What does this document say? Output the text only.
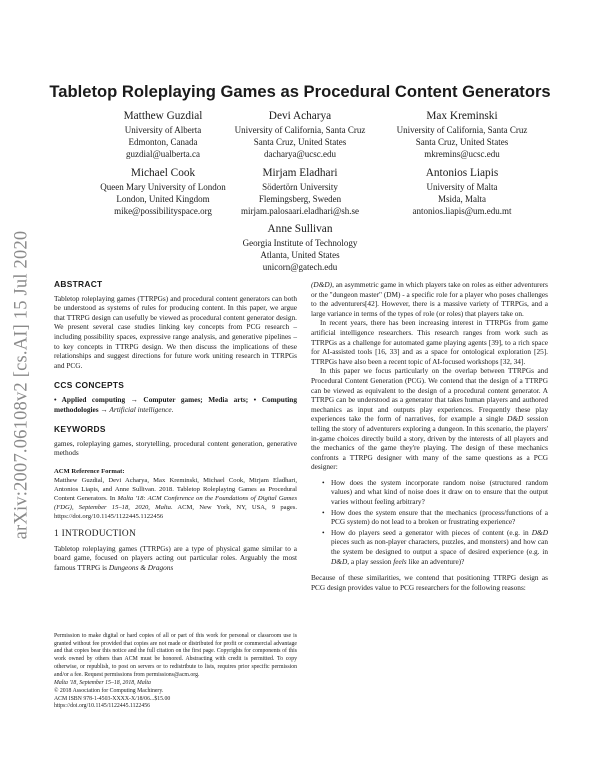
arXiv:2007.06108v2 [cs.AI] 15 Jul 2020
Tabletop Roleplaying Games as Procedural Content Generators
Matthew Guzdial
University of Alberta
Edmonton, Canada
guzdial@ualberta.ca
Devi Acharya
University of California, Santa Cruz
Santa Cruz, United States
dacharya@ucsc.edu
Max Kreminski
University of California, Santa Cruz
Santa Cruz, United States
mkremins@ucsc.edu
Michael Cook
Queen Mary University of London
London, United Kingdom
mike@possibilityspace.org
Mirjam Eladhari
Södertörn University
Flemingsberg, Sweden
mirjam.palosaari.eladhari@sh.se
Antonios Liapis
University of Malta
Msida, Malta
antonios.liapis@um.edu.mt
Anne Sullivan
Georgia Institute of Technology
Atlanta, United States
unicorn@gatech.edu
ABSTRACT

Tabletop roleplaying games (TTRPGs) and procedural content generators can both be understood as systems of rules for producing content. In this paper, we argue that TTRPG design can usefully be viewed as procedural content generator design. We present several case studies linking key concepts from PCG research – including possibility spaces, expressive range analysis, and generative pipelines – to key concepts in TTRPG design. We then discuss the implications of these relationships and suggest directions for future work uniting research in TTRPGs and PCG.

CCS CONCEPTS

• Applied computing → Computer games; Media arts; • Computing methodologies → Artificial intelligence.

KEYWORDS

games, roleplaying games, storytelling, procedural content generation, generative methods

ACM Reference Format:
Matthew Guzdial, Devi Acharya, Max Kreminski, Michael Cook, Mirjam Eladhari, Antonios Liapis, and Anne Sullivan. 2018. Tabletop Roleplaying Games as Procedural Content Generators. In Malta '18: ACM Conference on the Foundations of Digital Games (FDG), September 15–18, 2020, Malta. ACM, New York, NY, USA, 9 pages. https://doi.org/10.1145/1122445.1122456

1 INTRODUCTION

Tabletop roleplaying games (TTRPGs) are a type of physical game similar to a board game, focused on players acting out particular roles. Arguably the most famous TTRPG is Dungeons & Dragons

Permission to make digital or hard copies of all or part of this work for personal or classroom use is granted without fee provided that copies are not made or distributed for profit or commercial advantage and that copies bear this notice and the full citation on the first page. Copyrights for components of this work owned by others than ACM must be honored. Abstracting with credit is permitted. To copy otherwise, or republish, to post on servers or to redistribute to lists, requires prior specific permission and/or a fee. Request permissions from permissions@acm.org.

Malta '18, September 15–18, 2018, Malta

© 2018 Association for Computing Machinery.

ACM ISBN 978-1-4503-XXXX-X/18/06...$15.00

https://doi.org/10.1145/1122445.1122456

(D&D), an asymmetric game in which players take on roles as either adventurers or the "dungeon master" (DM) - a specific role for a player who poses challenges to the adventurers[42]. However, there is a massive variety of TTRPGs, and a large variance in terms of the types of role (or roles) that players take on.

In recent years, there has been increasing interest in TTRPGs from game artificial intelligence researchers. This research ranges from work such as TTRPGs as a challenge for automated game playing agents [39], to a rich space for AI-assisted tools [16, 33] and as a space for ontological exploration [25]. TTRPGs have also been a recent topic of AI-focused workshops [32, 34].

In this paper we focus particularly on the overlap between TTRPGs and Procedural Content Generation (PCG). We contend that the design of a TTRPG can be viewed as equivalent to the design of a procedural content generator. A TTRPG can be understood as a generator that takes human players and authored mechanics as input and outputs play experiences. Frequently these play experiences take the form of narratives, for example a single D&D session telling the story of adventurers exploring a dungeon. In this scenario, the players' in-game choices directly build a story, driven by the interests of all players and the mechanics of the game they're playing. The design of these mechanics confronts a TTRPG designer with many of the same questions as a PCG designer:

• How does the system incorporate random noise (structured random values) and what kind of noise does it draw on to ensure that the output varies without feeling arbitrary?
• How does the system ensure that the mechanics (process/functions of a PCG system) do not lead to a broken or frustrating experience?
• How do players seed a generator with pieces of content (e.g. in D&D pieces such as non-player characters, puzzles, and monsters) and how can the system be designed to output a space of desired experience (e.g. in D&D, a play session feels like an adventure)?

Because of these similarities, we contend that positioning TTRPG design as PCG design provides value to PCG researchers for the following reasons:
